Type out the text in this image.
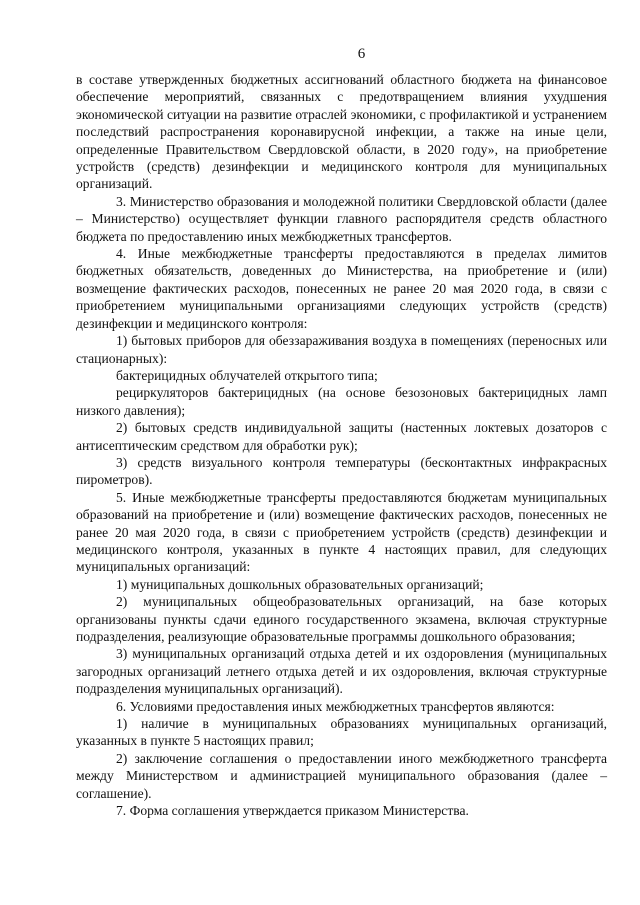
6

в составе утвержденных бюджетных ассигнований областного бюджета на финансовое обеспечение мероприятий, связанных с предотвращением влияния ухудшения экономической ситуации на развитие отраслей экономики, с профилактикой и устранением последствий распространения коронавирусной инфекции, а также на иные цели, определенные Правительством Свердловской области, в 2020 году», на приобретение устройств (средств) дезинфекции и медицинского контроля для муниципальных организаций.

3. Министерство образования и молодежной политики Свердловской области (далее – Министерство) осуществляет функции главного распорядителя средств областного бюджета по предоставлению иных межбюджетных трансфертов.

4. Иные межбюджетные трансферты предоставляются в пределах лимитов бюджетных обязательств, доведенных до Министерства, на приобретение и (или) возмещение фактических расходов, понесенных не ранее 20 мая 2020 года, в связи с приобретением муниципальными организациями следующих устройств (средств) дезинфекции и медицинского контроля:

1) бытовых приборов для обеззараживания воздуха в помещениях (переносных или стационарных):

бактерицидных облучателей открытого типа;

рециркуляторов бактерицидных (на основе безозоновых бактерицидных ламп низкого давления);

2) бытовых средств индивидуальной защиты (настенных локтевых дозаторов с антисептическим средством для обработки рук);

3) средств визуального контроля температуры (бесконтактных инфракрасных пирометров).

5. Иные межбюджетные трансферты предоставляются бюджетам муниципальных образований на приобретение и (или) возмещение фактических расходов, понесенных не ранее 20 мая 2020 года, в связи с приобретением устройств (средств) дезинфекции и медицинского контроля, указанных в пункте 4 настоящих правил, для следующих муниципальных организаций:

1) муниципальных дошкольных образовательных организаций;

2) муниципальных общеобразовательных организаций, на базе которых организованы пункты сдачи единого государственного экзамена, включая структурные подразделения, реализующие образовательные программы дошкольного образования;

3) муниципальных организаций отдыха детей и их оздоровления (муниципальных загородных организаций летнего отдыха детей и их оздоровления, включая структурные подразделения муниципальных организаций).

6. Условиями предоставления иных межбюджетных трансфертов являются:

1) наличие в муниципальных образованиях муниципальных организаций, указанных в пункте 5 настоящих правил;

2) заключение соглашения о предоставлении иного межбюджетного трансферта между Министерством и администрацией муниципального образования (далее – соглашение).

7. Форма соглашения утверждается приказом Министерства.
